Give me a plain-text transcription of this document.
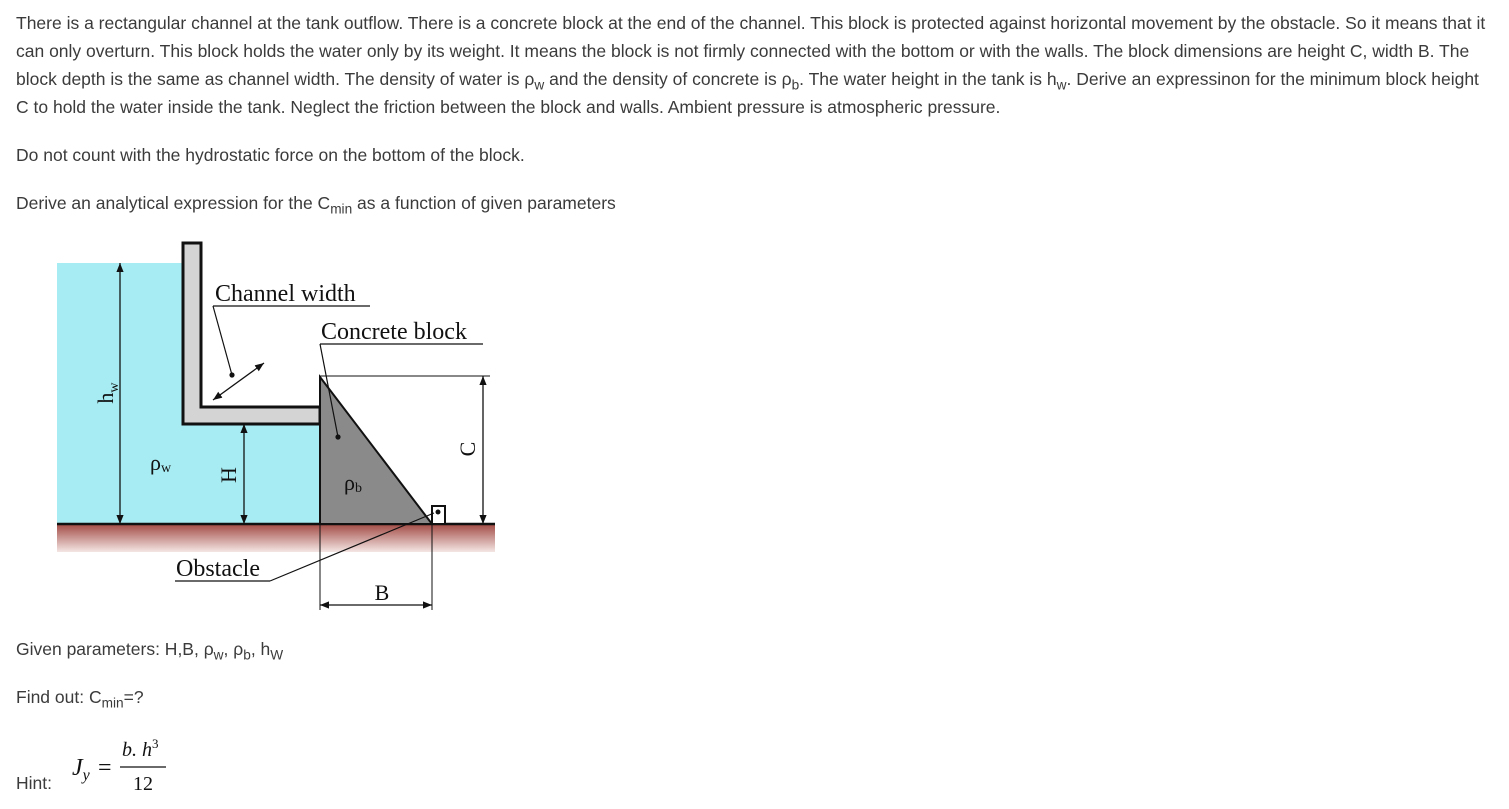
There is a rectangular channel at the tank outflow. There is a concrete block at the end of the channel. This block is protected against horizontal movement by the obstacle. So it means that it can only overturn. This block holds the water only by its weight. It means the block is not firmly connected with the bottom or with the walls. The block dimensions are height C, width B. The block depth is the same as channel width. The density of water is $\rho_w$ and the density of concrete is $\rho_b$. The water height in the tank is $h_w$. Derive an expressinon for the minimum block height C to hold the water inside the tank. Neglect the friction between the block and walls. Ambient pressure is atmospheric pressure.

Do not count with the hydrostatic force on the bottom of the block.

Derive an analytical expression for the $C_{min}$ as a function of given parameters

$h_w$
H
ρw
ρb
Channel width
Concrete block
C
B
Obstacle

Given parameters: H,B, $\rho_w$, $\rho_b$, $h_W$

Find out: $C_{min}=$?

Hint:
$J_y$ =
b. $h^3$
12
